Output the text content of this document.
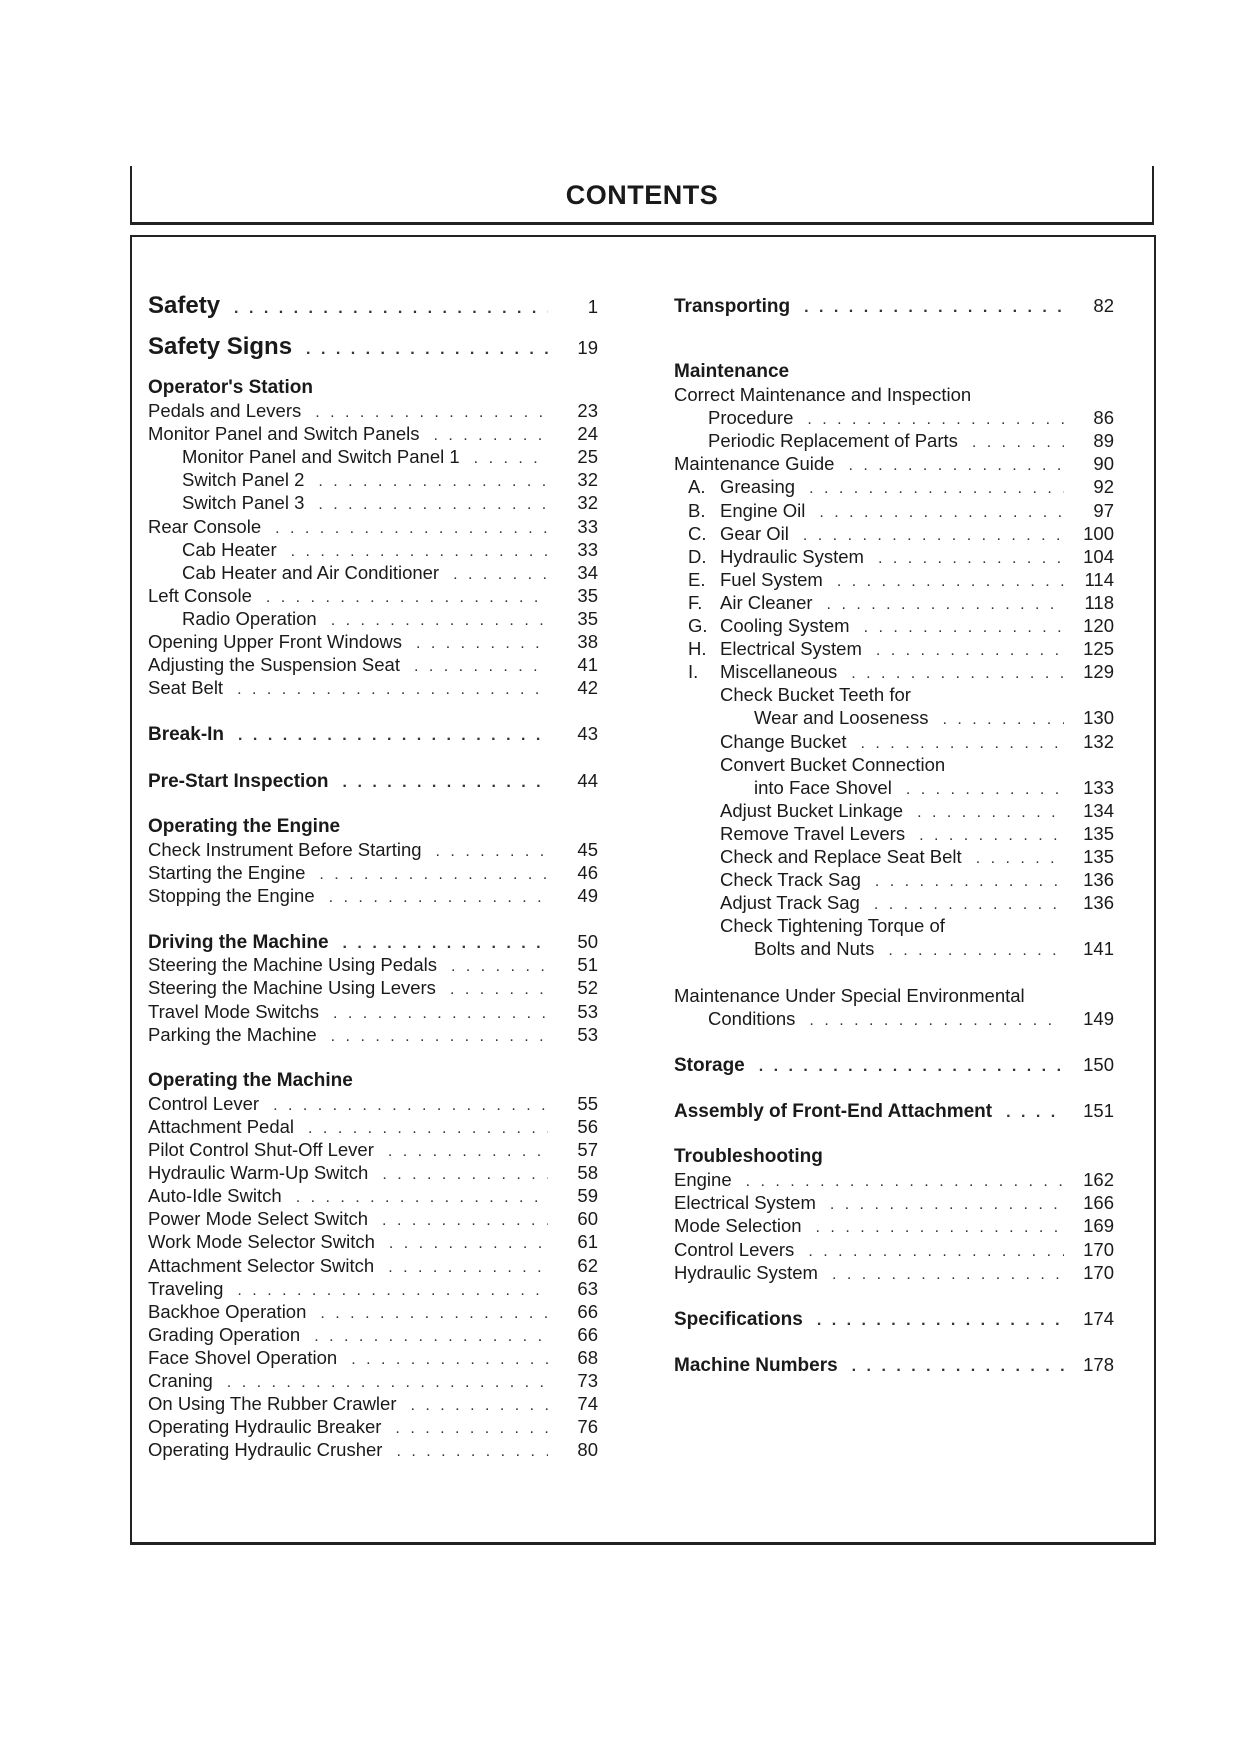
CONTENTS
Safety . . .	1
Safety Signs . . .	19
Operator's Station
Pedals and Levers . . .	23
Monitor Panel and Switch Panels . . .	24
Monitor Panel and Switch Panel 1 . . .	25
Switch Panel 2 . . .	32
Switch Panel 3 . . .	32
Rear Console . . .	33
Cab Heater . . .	33
Cab Heater and Air Conditioner . . .	34
Left Console . . .	35
Radio Operation . . .	35
Opening Upper Front Windows . . .	38
Adjusting the Suspension Seat . . .	41
Seat Belt . . .	42
Break-In . . .	43
Pre-Start Inspection . . .	44
Operating the Engine
Check Instrument Before Starting . . .	45
Starting the Engine . . .	46
Stopping the Engine . . .	49
Driving the Machine . . .	50
Steering the Machine Using Pedals . . .	51
Steering the Machine Using Levers . . .	52
Travel Mode Switchs . . .	53
Parking the Machine . . .	53
Operating the Machine
Control Lever . . .	55
Attachment Pedal . . .	56
Pilot Control Shut-Off Lever . . .	57
Hydraulic Warm-Up Switch . . .	58
Auto-Idle Switch . . .	59
Power Mode Select Switch . . .	60
Work Mode Selector Switch . . .	61
Attachment Selector Switch . . .	62
Traveling . . .	63
Backhoe Operation . . .	66
Grading Operation . . .	66
Face Shovel Operation . . .	68
Craning . . .	73
On Using The Rubber Crawler . . .	74
Operating Hydraulic Breaker . . .	76
Operating Hydraulic Crusher . . .	80
Transporting . . .	82
Maintenance
Correct Maintenance and Inspection
Procedure . . .	86
Periodic Replacement of Parts . . .	89
Maintenance Guide . . .	90
A. Greasing . . .	92
B. Engine Oil . . .	97
C. Gear Oil . . .	100
D. Hydraulic System . . .	104
E. Fuel System . . .	114
F. Air Cleaner . . .	118
G. Cooling System . . .	120
H. Electrical System . . .	125
I. Miscellaneous . . .	129
Check Bucket Teeth for
Wear and Looseness . . .	130
Change Bucket . . .	132
Convert Bucket Connection
into Face Shovel . . .	133
Adjust Bucket Linkage . . .	134
Remove Travel Levers . . .	135
Check and Replace Seat Belt . . .	135
Check Track Sag . . .	136
Adjust Track Sag . . .	136
Check Tightening Torque of
Bolts and Nuts . . .	141
Maintenance Under Special Environmental
Conditions . . .	149
Storage . . .	150
Assembly of Front-End Attachment . . .	151
Troubleshooting
Engine . . .	162
Electrical System . . .	166
Mode Selection . . .	169
Control Levers . . .	170
Hydraulic System . . .	170
Specifications . . .	174
Machine Numbers . . .	178
